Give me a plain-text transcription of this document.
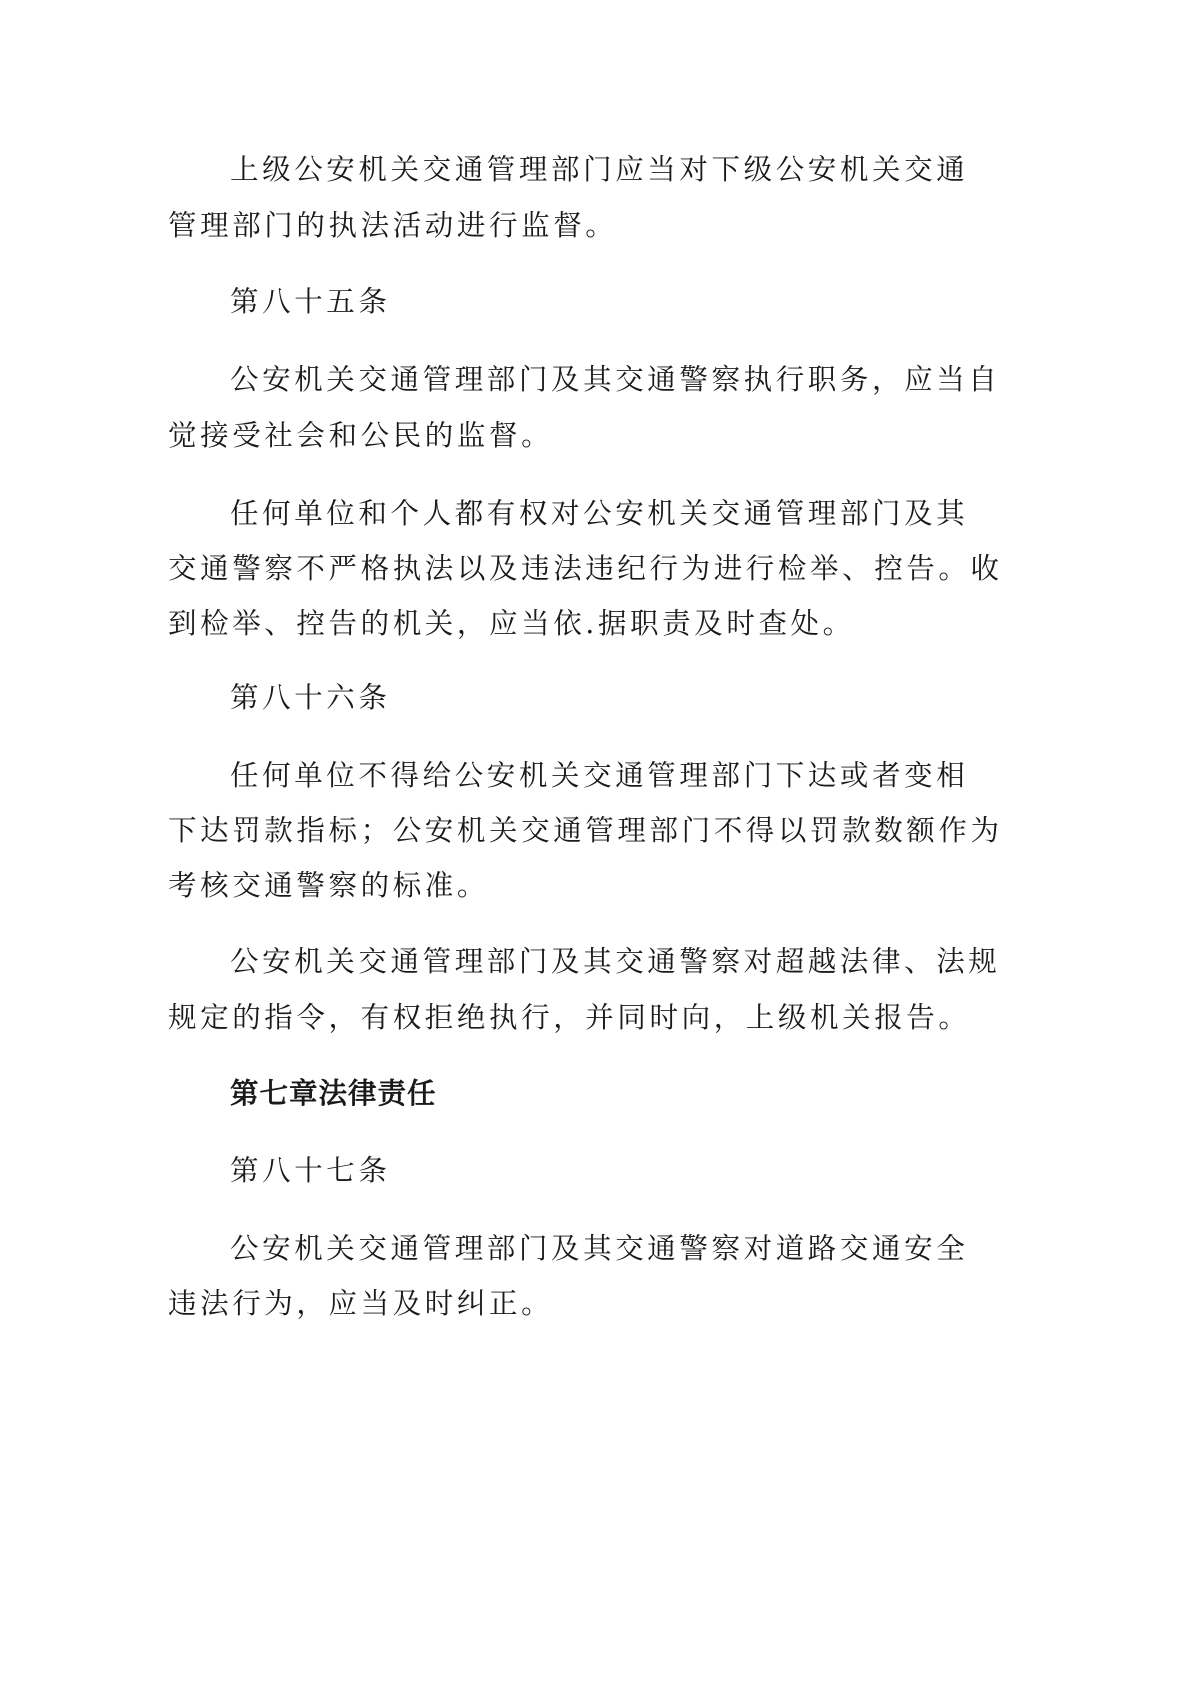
上级公安机关交通管理部门应当对下级公安机关交通

管理部门的执法活动进行监督。

第八十五条

公安机关交通管理部门及其交通警察执行职务，应当自

觉接受社会和公民的监督。

任何单位和个人都有权对公安机关交通管理部门及其

交通警察不严格执法以及违法违纪行为进行检举、控告。收

到检举、控告的机关，应当依.据职责及时查处。

第八十六条

任何单位不得给公安机关交通管理部门下达或者变相

下达罚款指标；公安机关交通管理部门不得以罚款数额作为

考核交通警察的标准。

公安机关交通管理部门及其交通警察对超越法律、法规

规定的指令，有权拒绝执行，并同时向，上级机关报告。

第七章法律责任

第八十七条

公安机关交通管理部门及其交通警察对道路交通安全

违法行为，应当及时纠正。
